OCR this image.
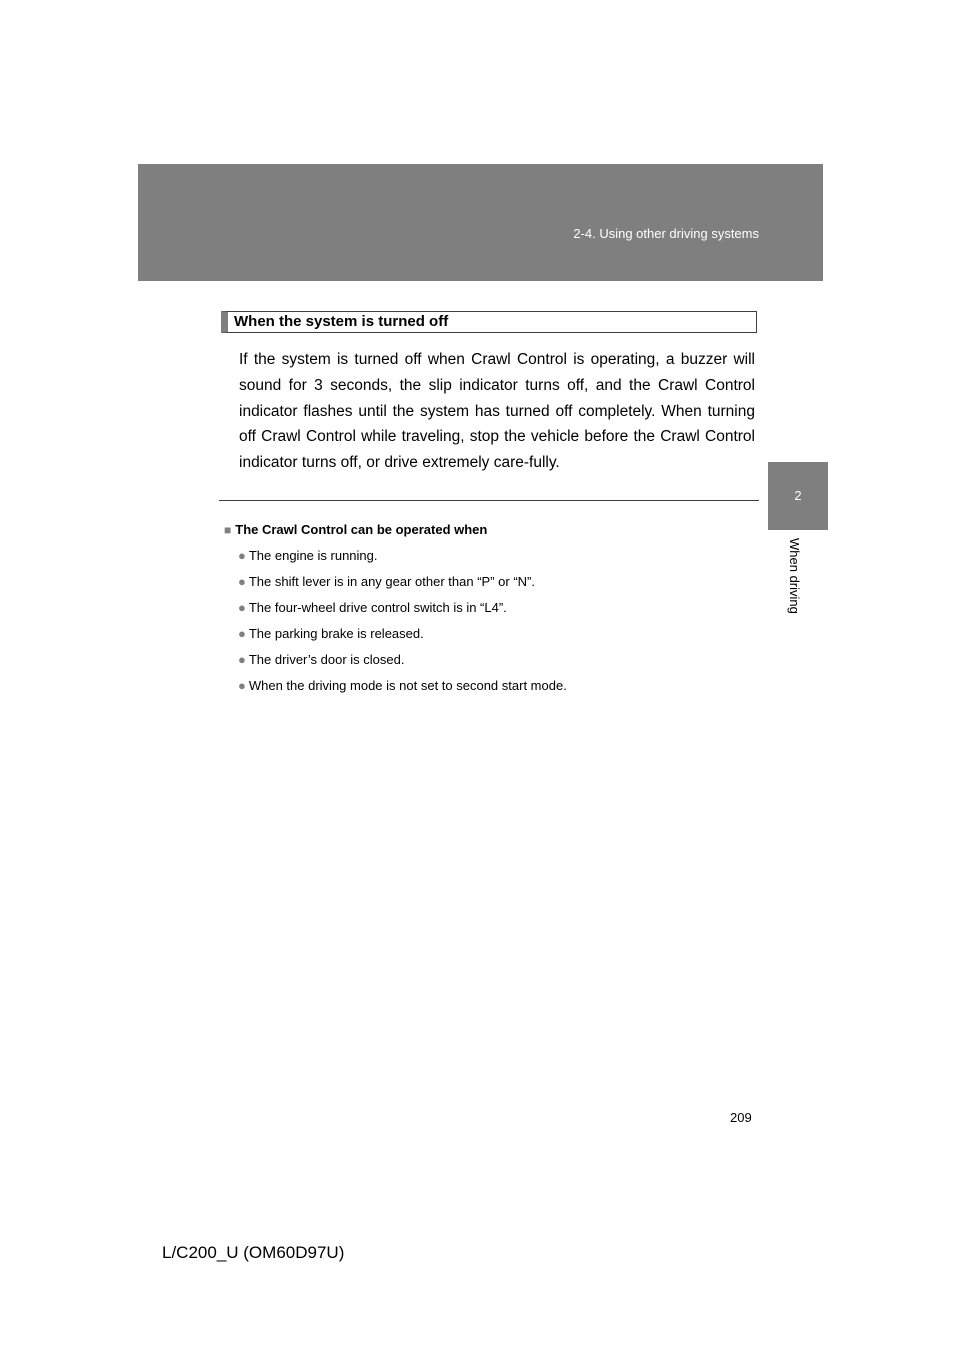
2-4. Using other driving systems
2
When driving
When the system is turned off

If the system is turned off when Crawl Control is operating, a buzzer will sound for 3 seconds, the slip indicator turns off, and the Crawl Control indicator flashes until the system has turned off completely. When turning off Crawl Control while traveling, stop the vehicle before the Crawl Control indicator turns off, or drive extremely care-fully.

■ The Crawl Control can be operated when
● The engine is running.
● The shift lever is in any gear other than “P” or “N”.
● The four-wheel drive control switch is in “L4”.
● The parking brake is released.
● The driver’s door is closed.
● When the driving mode is not set to second start mode.
209
L/C200_U (OM60D97U)
